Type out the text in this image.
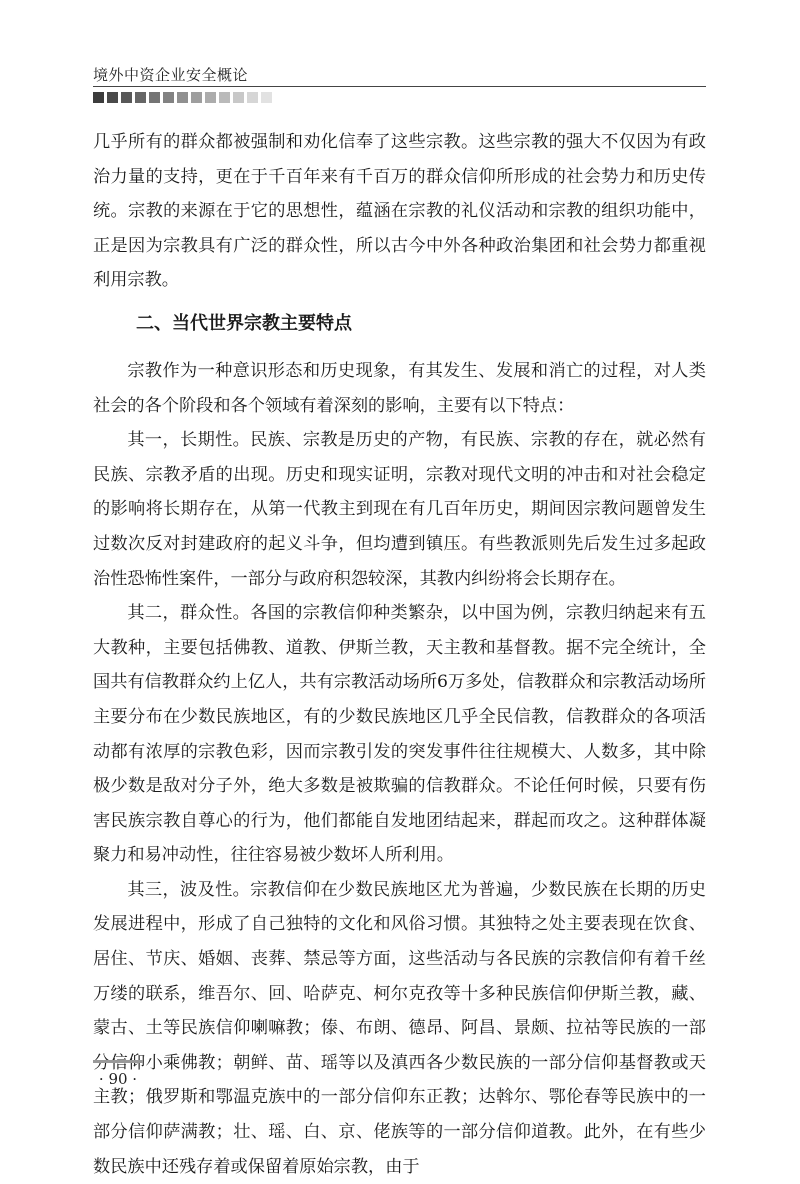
境外中资企业安全概论

几乎所有的群众都被强制和劝化信奉了这些宗教。这些宗教的强大不仅因为有政治力量的支持，更在于千百年来有千百万的群众信仰所形成的社会势力和历史传统。宗教的来源在于它的思想性，蕴涵在宗教的礼仪活动和宗教的组织功能中，正是因为宗教具有广泛的群众性，所以古今中外各种政治集团和社会势力都重视利用宗教。

二、当代世界宗教主要特点

宗教作为一种意识形态和历史现象，有其发生、发展和消亡的过程，对人类社会的各个阶段和各个领域有着深刻的影响，主要有以下特点：

其一，长期性。民族、宗教是历史的产物，有民族、宗教的存在，就必然有民族、宗教矛盾的出现。历史和现实证明，宗教对现代文明的冲击和对社会稳定的影响将长期存在，从第一代教主到现在有几百年历史，期间因宗教问题曾发生过数次反对封建政府的起义斗争，但均遭到镇压。有些教派则先后发生过多起政治性恐怖性案件，一部分与政府积怨较深，其教内纠纷将会长期存在。

其二，群众性。各国的宗教信仰种类繁杂，以中国为例，宗教归纳起来有五大教种，主要包括佛教、道教、伊斯兰教，天主教和基督教。据不完全统计，全国共有信教群众约上亿人，共有宗教活动场所6万多处，信教群众和宗教活动场所主要分布在少数民族地区，有的少数民族地区几乎全民信教，信教群众的各项活动都有浓厚的宗教色彩，因而宗教引发的突发事件往往规模大、人数多，其中除极少数是敌对分子外，绝大多数是被欺骗的信教群众。不论任何时候，只要有伤害民族宗教自尊心的行为，他们都能自发地团结起来，群起而攻之。这种群体凝聚力和易冲动性，往往容易被少数坏人所利用。

其三，波及性。宗教信仰在少数民族地区尤为普遍，少数民族在长期的历史发展进程中，形成了自己独特的文化和风俗习惯。其独特之处主要表现在饮食、居住、节庆、婚姻、丧葬、禁忌等方面，这些活动与各民族的宗教信仰有着千丝万缕的联系，维吾尔、回、哈萨克、柯尔克孜等十多种民族信仰伊斯兰教，藏、蒙古、土等民族信仰喇嘛教；傣、布朗、德昂、阿昌、景颇、拉祜等民族的一部分信仰小乘佛教；朝鲜、苗、瑶等以及滇西各少数民族的一部分信仰基督教或天主教；俄罗斯和鄂温克族中的一部分信仰东正教；达斡尔、鄂伦春等民族中的一部分信仰萨满教；壮、瑶、白、京、佬族等的一部分信仰道教。此外，在有些少数民族中还残存着或保留着原始宗教，由于

· 90 ·
